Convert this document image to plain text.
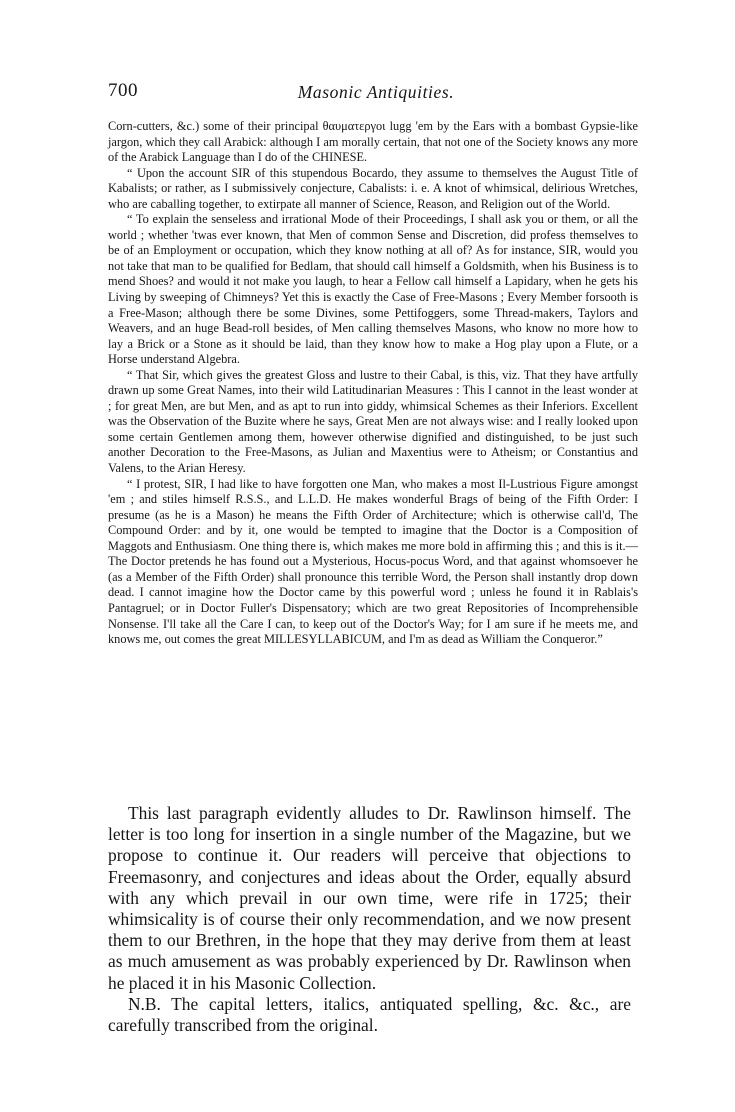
700	Masonic Antiquities.

Corn-cutters, &c.) some of their principal θαυματεργοι lugg 'em by the Ears with a bombast Gypsie-like jargon, which they call Arabick: although I am morally certain, that not one of the Society knows any more of the Arabick Language than I do of the CHINESE.

“ Upon the account SIR of this stupendous Bocardo, they assume to themselves the August Title of Kabalists; or rather, as I submissively conjecture, Cabalists: i. e. A knot of whimsical, delirious Wretches, who are caballing together, to extirpate all manner of Science, Reason, and Religion out of the World.

“ To explain the senseless and irrational Mode of their Proceedings, I shall ask you or them, or all the world ; whether 'twas ever known, that Men of common Sense and Discretion, did profess themselves to be of an Employment or occupation, which they know nothing at all of? As for instance, SIR, would you not take that man to be qualified for Bedlam, that should call himself a Goldsmith, when his Business is to mend Shoes? and would it not make you laugh, to hear a Fellow call himself a Lapidary, when he gets his Living by sweeping of Chimneys? Yet this is exactly the Case of Free-Masons ; Every Member forsooth is a Free-Mason; although there be some Divines, some Pettifoggers, some Thread-makers, Taylors and Weavers, and an huge Bead-roll besides, of Men calling themselves Masons, who know no more how to lay a Brick or a Stone as it should be laid, than they know how to make a Hog play upon a Flute, or a Horse understand Algebra.

“ That Sir, which gives the greatest Gloss and lustre to their Cabal, is this, viz. That they have artfully drawn up some Great Names, into their wild Latitudinarian Measures : This I cannot in the least wonder at ; for great Men, are but Men, and as apt to run into giddy, whimsical Schemes as their Inferiors. Excellent was the Observation of the Buzite where he says, Great Men are not always wise: and I really looked upon some certain Gentlemen among them, however otherwise dignified and distinguished, to be just such another Decoration to the Free-Masons, as Julian and Maxentius were to Atheism; or Constantius and Valens, to the Arian Heresy.

“ I protest, SIR, I had like to have forgotten one Man, who makes a most Il-Lustrious Figure amongst 'em ; and stiles himself R.S.S., and L.L.D. He makes wonderful Brags of being of the Fifth Order: I presume (as he is a Mason) he means the Fifth Order of Architecture; which is otherwise call'd, The Compound Order: and by it, one would be tempted to imagine that the Doctor is a Composition of Maggots and Enthusiasm. One thing there is, which makes me more bold in affirming this ; and this is it.—The Doctor pretends he has found out a Mysterious, Hocus-pocus Word, and that against whomsoever he (as a Member of the Fifth Order) shall pronounce this terrible Word, the Person shall instantly drop down dead. I cannot imagine how the Doctor came by this powerful word ; unless he found it in Rablais's Pantagruel; or in Doctor Fuller's Dispensatory; which are two great Repositories of Incomprehensible Nonsense. I'll take all the Care I can, to keep out of the Doctor's Way; for I am sure if he meets me, and knows me, out comes the great MILLESYLLABICUM, and I'm as dead as William the Conqueror.”

This last paragraph evidently alludes to Dr. Rawlinson himself. The letter is too long for insertion in a single number of the Magazine, but we propose to continue it. Our readers will perceive that objections to Freemasonry, and conjectures and ideas about the Order, equally absurd with any which prevail in our own time, were rife in 1725; their whimsicality is of course their only recommendation, and we now present them to our Brethren, in the hope that they may derive from them at least as much amusement as was probably experienced by Dr. Rawlinson when he placed it in his Masonic Collection.

N.B. The capital letters, italics, antiquated spelling, &c. &c., are carefully transcribed from the original.
